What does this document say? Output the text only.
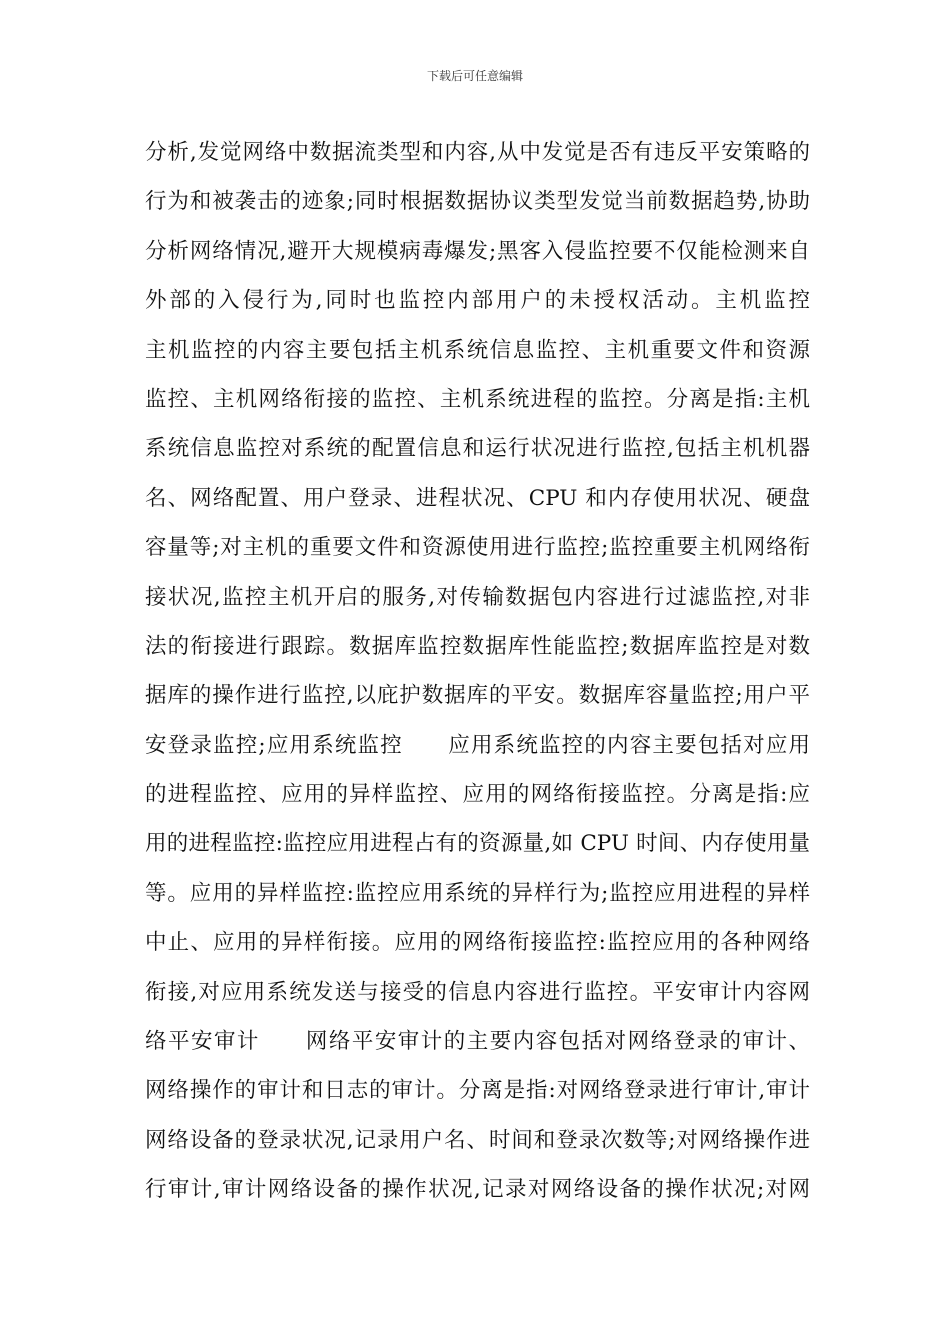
下载后可任意编辑
分析,发觉网络中数据流类型和内容,从中发觉是否有违反平安策略的
行为和被袭击的迹象;同时根据数据协议类型发觉当前数据趋势,协助
分析网络情况,避开大规模病毒爆发;黑客入侵监控要不仅能检测来自
外部的入侵行为,同时也监控内部用户的未授权活动。主机监控
主机监控的内容主要包括主机系统信息监控、主机重要文件和资源
监控、主机网络衔接的监控、主机系统进程的监控。分离是指:主机
系统信息监控对系统的配置信息和运行状况进行监控,包括主机机器
名、网络配置、用户登录、进程状况、CPU 和内存使用状况、硬盘
容量等;对主机的重要文件和资源使用进行监控;监控重要主机网络衔
接状况,监控主机开启的服务,对传输数据包内容进行过滤监控,对非
法的衔接进行跟踪。数据库监控数据库性能监控;数据库监控是对数
据库的操作进行监控,以庇护数据库的平安。数据库容量监控;用户平
安登录监控;应用系统监控　　应用系统监控的内容主要包括对应用
的进程监控、应用的异样监控、应用的网络衔接监控。分离是指:应
用的进程监控:监控应用进程占有的资源量,如 CPU 时间、内存使用量
等。应用的异样监控:监控应用系统的异样行为;监控应用进程的异样
中止、应用的异样衔接。应用的网络衔接监控:监控应用的各种网络
衔接,对应用系统发送与接受的信息内容进行监控。平安审计内容网
络平安审计　　网络平安审计的主要内容包括对网络登录的审计、
网络操作的审计和日志的审计。分离是指:对网络登录进行审计,审计
网络设备的登录状况,记录用户名、时间和登录次数等;对网络操作进
行审计,审计网络设备的操作状况,记录对网络设备的操作状况;对网
